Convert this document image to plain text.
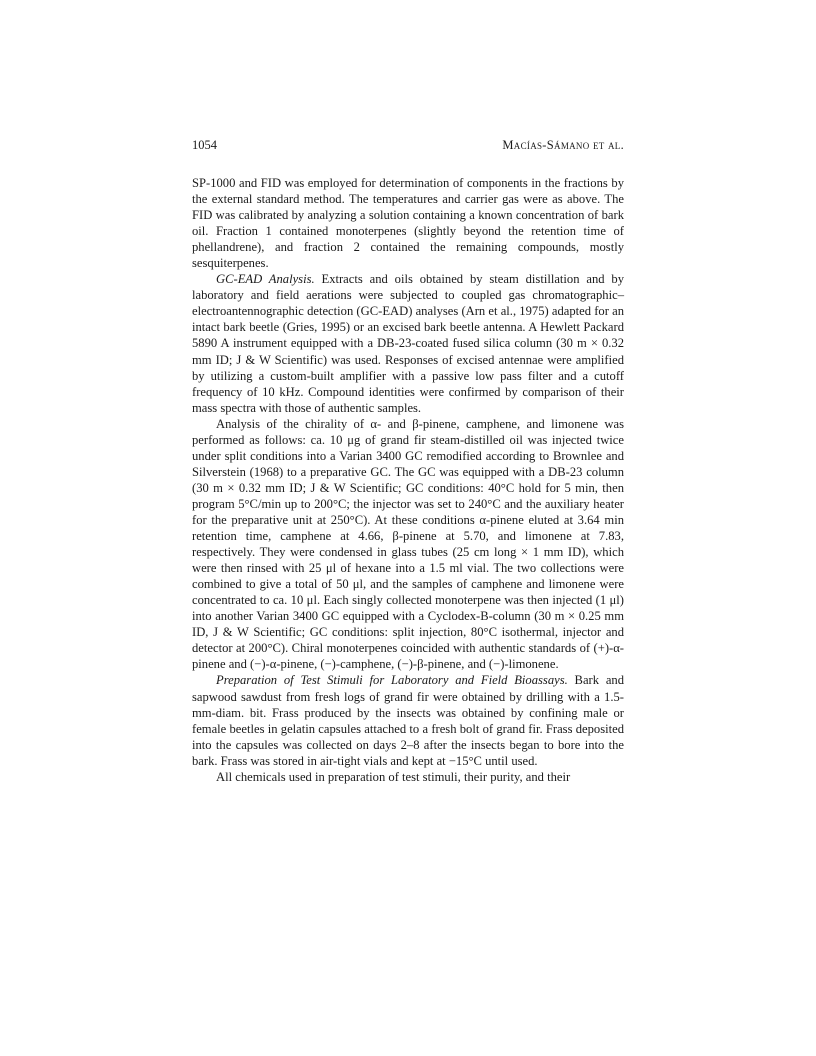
1054	Macías-Sámano et al.

SP-1000 and FID was employed for determination of components in the fractions by the external standard method. The temperatures and carrier gas were as above. The FID was calibrated by analyzing a solution containing a known concentration of bark oil. Fraction 1 contained monoterpenes (slightly beyond the retention time of phellandrene), and fraction 2 contained the remaining compounds, mostly sesquiterpenes.

GC-EAD Analysis. Extracts and oils obtained by steam distillation and by laboratory and field aerations were subjected to coupled gas chromatographic–electroantennographic detection (GC-EAD) analyses (Arn et al., 1975) adapted for an intact bark beetle (Gries, 1995) or an excised bark beetle antenna. A Hewlett Packard 5890 A instrument equipped with a DB-23-coated fused silica column (30 m × 0.32 mm ID; J & W Scientific) was used. Responses of excised antennae were amplified by utilizing a custom-built amplifier with a passive low pass filter and a cutoff frequency of 10 kHz. Compound identities were confirmed by comparison of their mass spectra with those of authentic samples.

Analysis of the chirality of α- and β-pinene, camphene, and limonene was performed as follows: ca. 10 μg of grand fir steam-distilled oil was injected twice under split conditions into a Varian 3400 GC remodified according to Brownlee and Silverstein (1968) to a preparative GC. The GC was equipped with a DB-23 column (30 m × 0.32 mm ID; J & W Scientific; GC conditions: 40°C hold for 5 min, then program 5°C/min up to 200°C; the injector was set to 240°C and the auxiliary heater for the preparative unit at 250°C). At these conditions α-pinene eluted at 3.64 min retention time, camphene at 4.66, β-pinene at 5.70, and limonene at 7.83, respectively. They were condensed in glass tubes (25 cm long × 1 mm ID), which were then rinsed with 25 μl of hexane into a 1.5 ml vial. The two collections were combined to give a total of 50 μl, and the samples of camphene and limonene were concentrated to ca. 10 μl. Each singly collected monoterpene was then injected (1 μl) into another Varian 3400 GC equipped with a Cyclodex-B-column (30 m × 0.25 mm ID, J & W Scientific; GC conditions: split injection, 80°C isothermal, injector and detector at 200°C). Chiral monoterpenes coincided with authentic standards of (+)-α-pinene and (−)-α-pinene, (−)-camphene, (−)-β-pinene, and (−)-limonene.

Preparation of Test Stimuli for Laboratory and Field Bioassays. Bark and sapwood sawdust from fresh logs of grand fir were obtained by drilling with a 1.5-mm-diam. bit. Frass produced by the insects was obtained by confining male or female beetles in gelatin capsules attached to a fresh bolt of grand fir. Frass deposited into the capsules was collected on days 2–8 after the insects began to bore into the bark. Frass was stored in air-tight vials and kept at −15°C until used.

All chemicals used in preparation of test stimuli, their purity, and their
